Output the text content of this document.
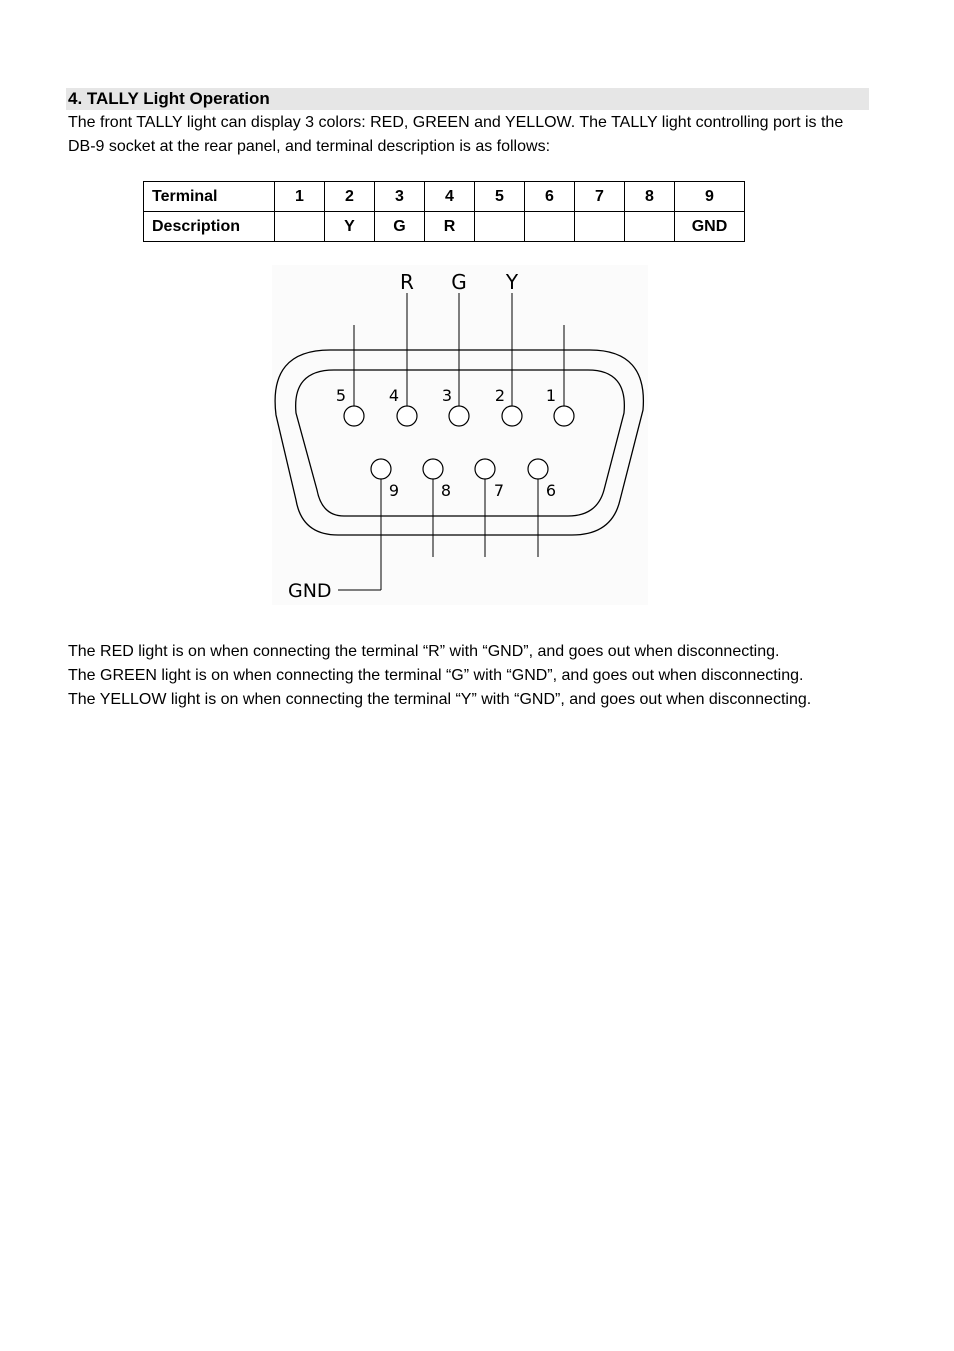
4. TALLY Light Operation

The front TALLY light can display 3 colors: RED, GREEN and YELLOW. The TALLY light controlling port is the DB-9 socket at the rear panel, and terminal description is as follows:

Terminal	1	2	3	4	5	6	7	8	9
Description		Y	G	R					GND
R G Y
5	4	3	2	1
9	8	7	6
GND

The RED light is on when connecting the terminal “R” with “GND”, and goes out when disconnecting.

The GREEN light is on when connecting the terminal “G” with “GND”, and goes out when disconnecting.

The YELLOW light is on when connecting the terminal “Y” with “GND”, and goes out when disconnecting.
